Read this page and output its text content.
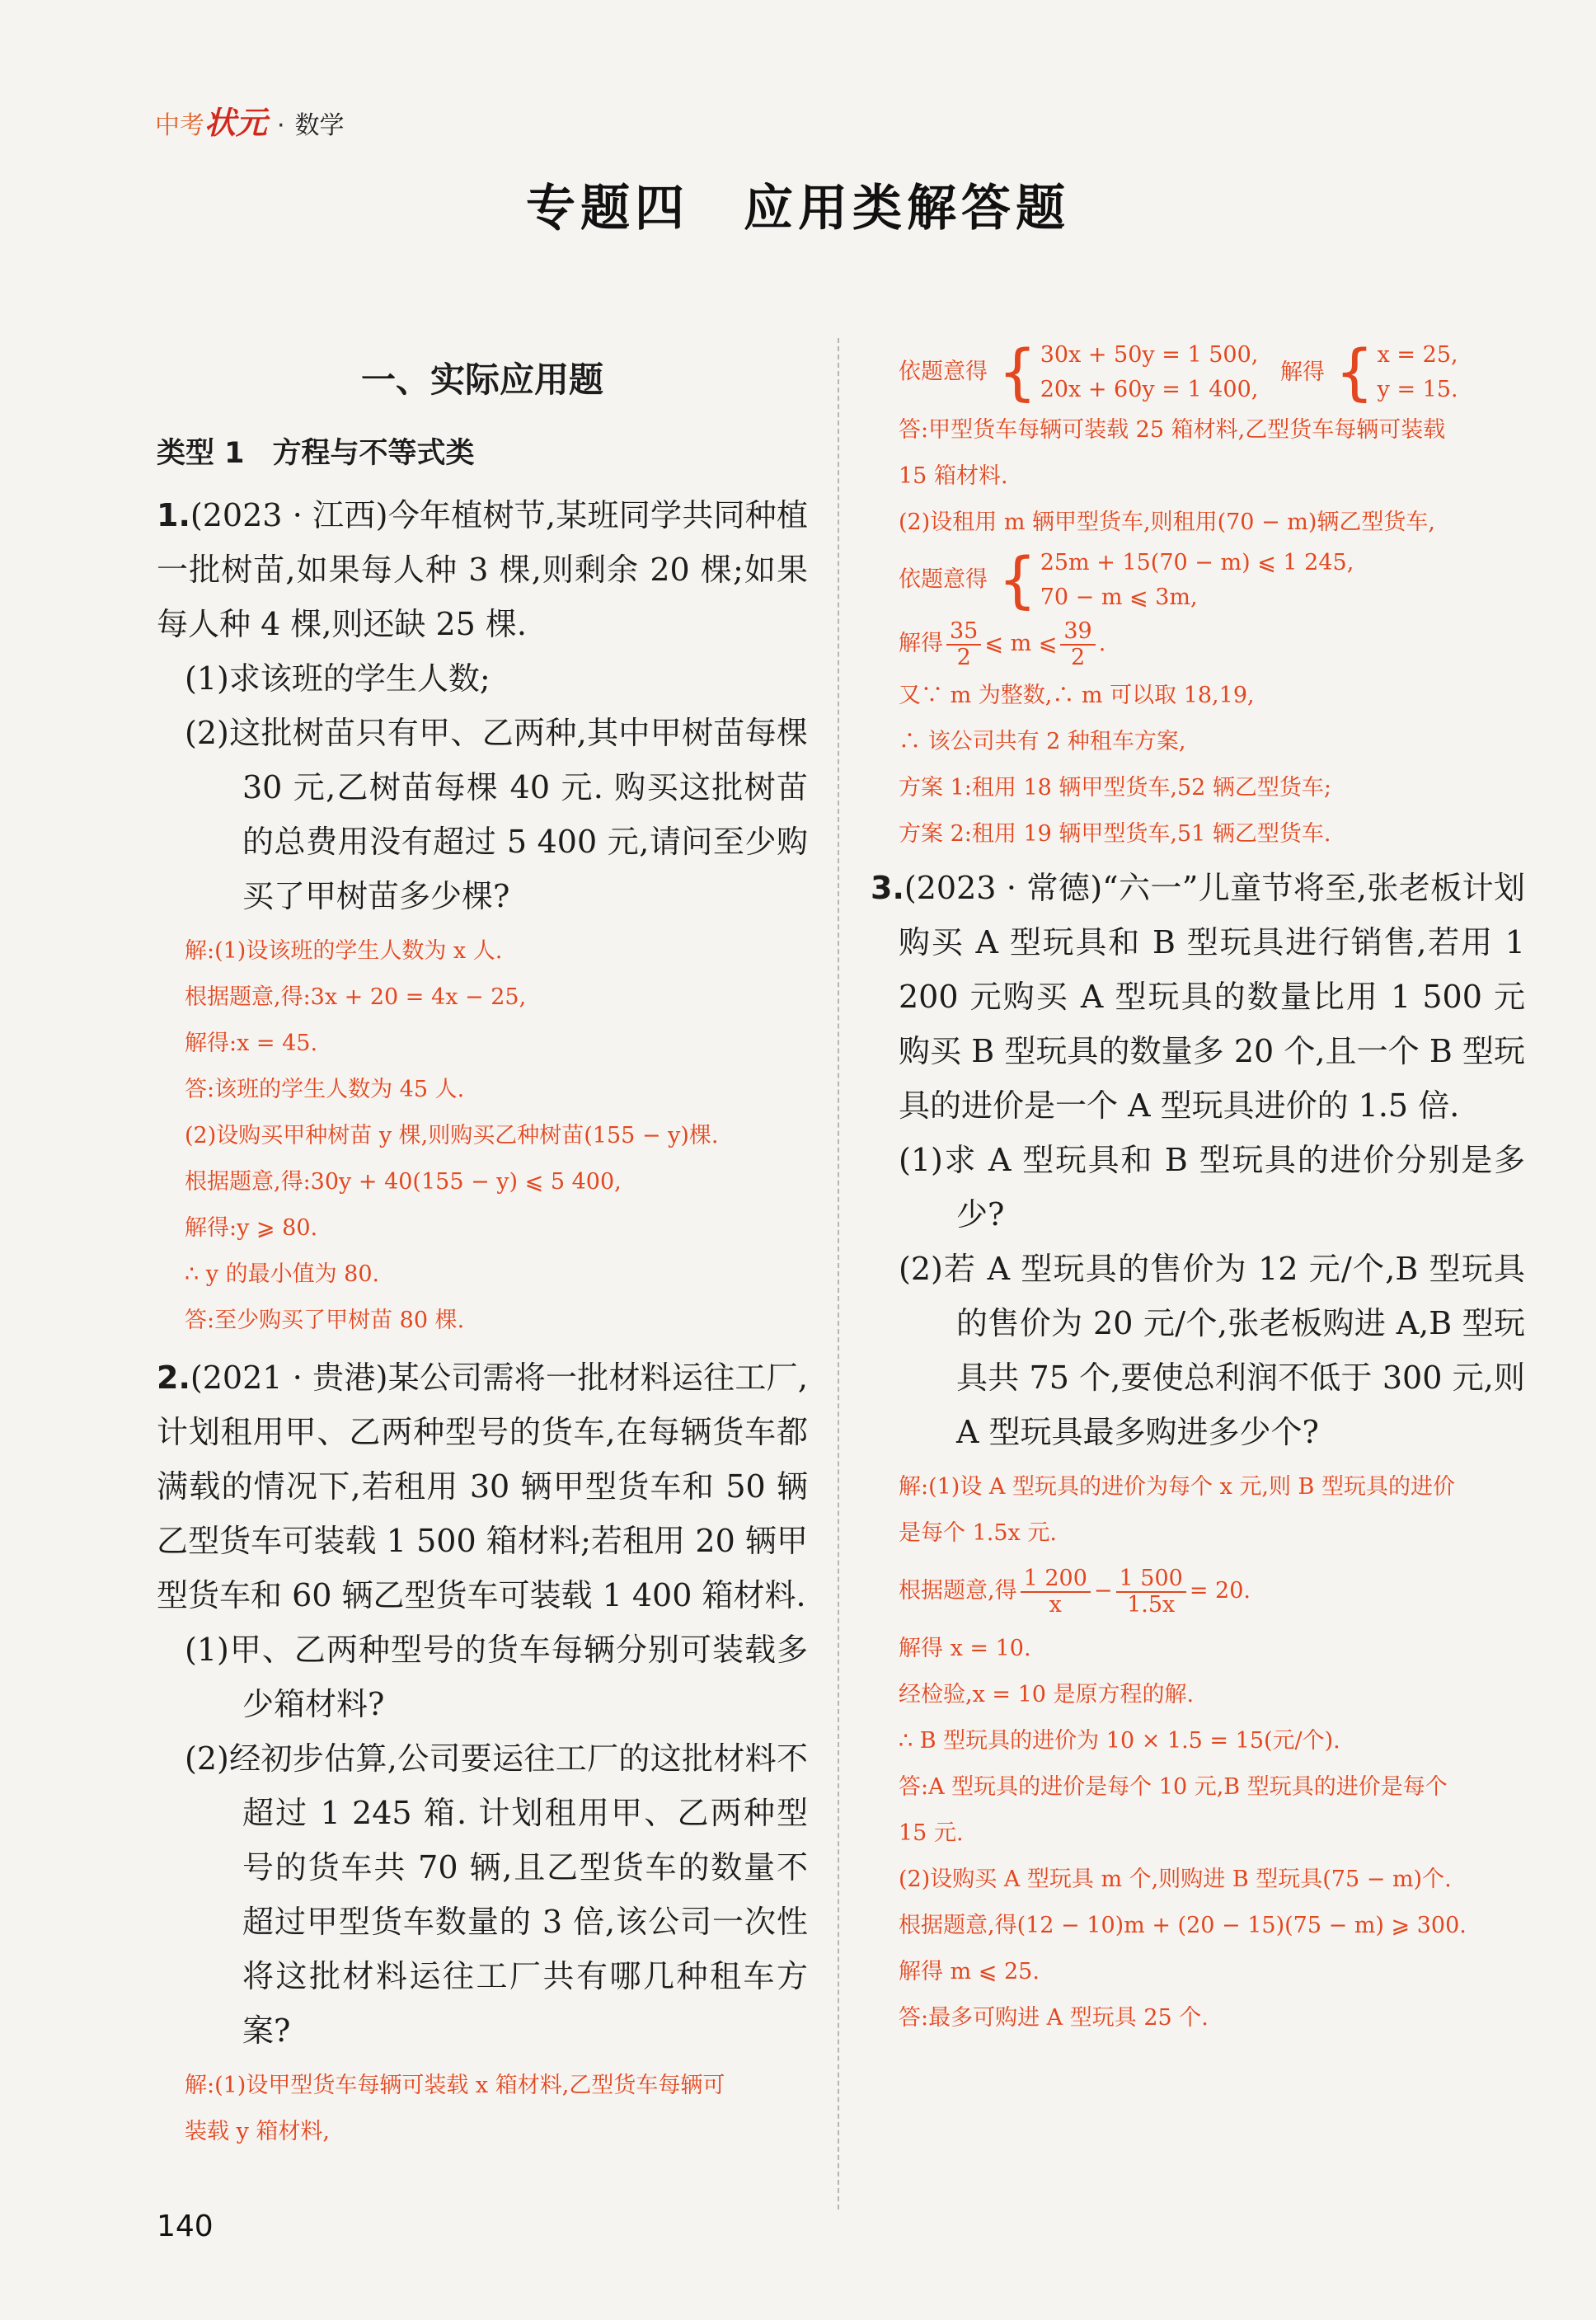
中考状元 · 数学
专题四　应用类解答题
一、实际应用题
类型 1 方程与不等式类

1.(2023 · 江西)今年植树节,某班同学共同种植一批树苗,如果每人种 3 棵,则剩余 20 棵;如果每人种 4 棵,则还缺 25 棵.

(1)求该班的学生人数;

(2)这批树苗只有甲、乙两种,其中甲树苗每棵 30 元,乙树苗每棵 40 元. 购买这批树苗的总费用没有超过 5 400 元,请问至少购买了甲树苗多少棵?

解:(1)设该班的学生人数为 x 人.

根据题意,得:3x + 20 = 4x − 25,

解得:x = 45.

答:该班的学生人数为 45 人.

(2)设购买甲种树苗 y 棵,则购买乙种树苗(155 − y)棵.

根据题意,得:30y + 40(155 − y) ⩽ 5 400,

解得:y ⩾ 80.

∴ y 的最小值为 80.

答:至少购买了甲树苗 80 棵.

2.(2021 · 贵港)某公司需将一批材料运往工厂,计划租用甲、乙两种型号的货车,在每辆货车都满载的情况下,若租用 30 辆甲型货车和 50 辆乙型货车可装载 1 500 箱材料;若租用 20 辆甲型货车和 60 辆乙型货车可装载 1 400 箱材料.

(1)甲、乙两种型号的货车每辆分别可装载多少箱材料?

(2)经初步估算,公司要运往工厂的这批材料不超过 1 245 箱. 计划租用甲、乙两种型号的货车共 70 辆,且乙型货车的数量不超过甲型货车数量的 3 倍,该公司一次性将这批材料运往工厂共有哪几种租车方案?

解:(1)设甲型货车每辆可装载 x 箱材料,乙型货车每辆可

装载 y 箱材料,

140
依题意得 { 30x + 50y = 1 500,
20x + 60y = 1 400,
解得 { x = 25,
y = 15.

答:甲型货车每辆可装载 25 箱材料,乙型货车每辆可装载

15 箱材料.

(2)设租用 m 辆甲型货车,则租用(70 − m)辆乙型货车,

依题意得 { 25m + 15(70 − m) ⩽ 1 245,
70 − m ⩽ 3m,
解得 $\frac{35}{2}$ ⩽ m ⩽ $\frac{39}{2}$ .

又∵ m 为整数,∴ m 可以取 18,19,

∴ 该公司共有 2 种租车方案,

方案 1:租用 18 辆甲型货车,52 辆乙型货车;

方案 2:租用 19 辆甲型货车,51 辆乙型货车.

3.(2023 · 常德)“六一”儿童节将至,张老板计划购买 A 型玩具和 B 型玩具进行销售,若用 1 200 元购买 A 型玩具的数量比用 1 500 元购买 B 型玩具的数量多 20 个,且一个 B 型玩具的进价是一个 A 型玩具进价的 1.5 倍.

(1)求 A 型玩具和 B 型玩具的进价分别是多少?

(2)若 A 型玩具的售价为 12 元/个,B 型玩具的售价为 20 元/个,张老板购进 A,B 型玩具共 75 个,要使总利润不低于 300 元,则 A 型玩具最多购进多少个?

解:(1)设 A 型玩具的进价为每个 x 元,则 B 型玩具的进价

是每个 1.5x 元.

根据题意,得 $\frac{1 200}{x} - \frac{1 500}{1.5x} = 20$.

解得 x = 10.

经检验,x = 10 是原方程的解.

∴ B 型玩具的进价为 10 × 1.5 = 15(元/个).

答:A 型玩具的进价是每个 10 元,B 型玩具的进价是每个

15 元.

(2)设购买 A 型玩具 m 个,则购进 B 型玩具(75 − m)个.

根据题意,得(12 − 10)m + (20 − 15)(75 − m) ⩾ 300.

解得 m ⩽ 25.

答:最多可购进 A 型玩具 25 个.
